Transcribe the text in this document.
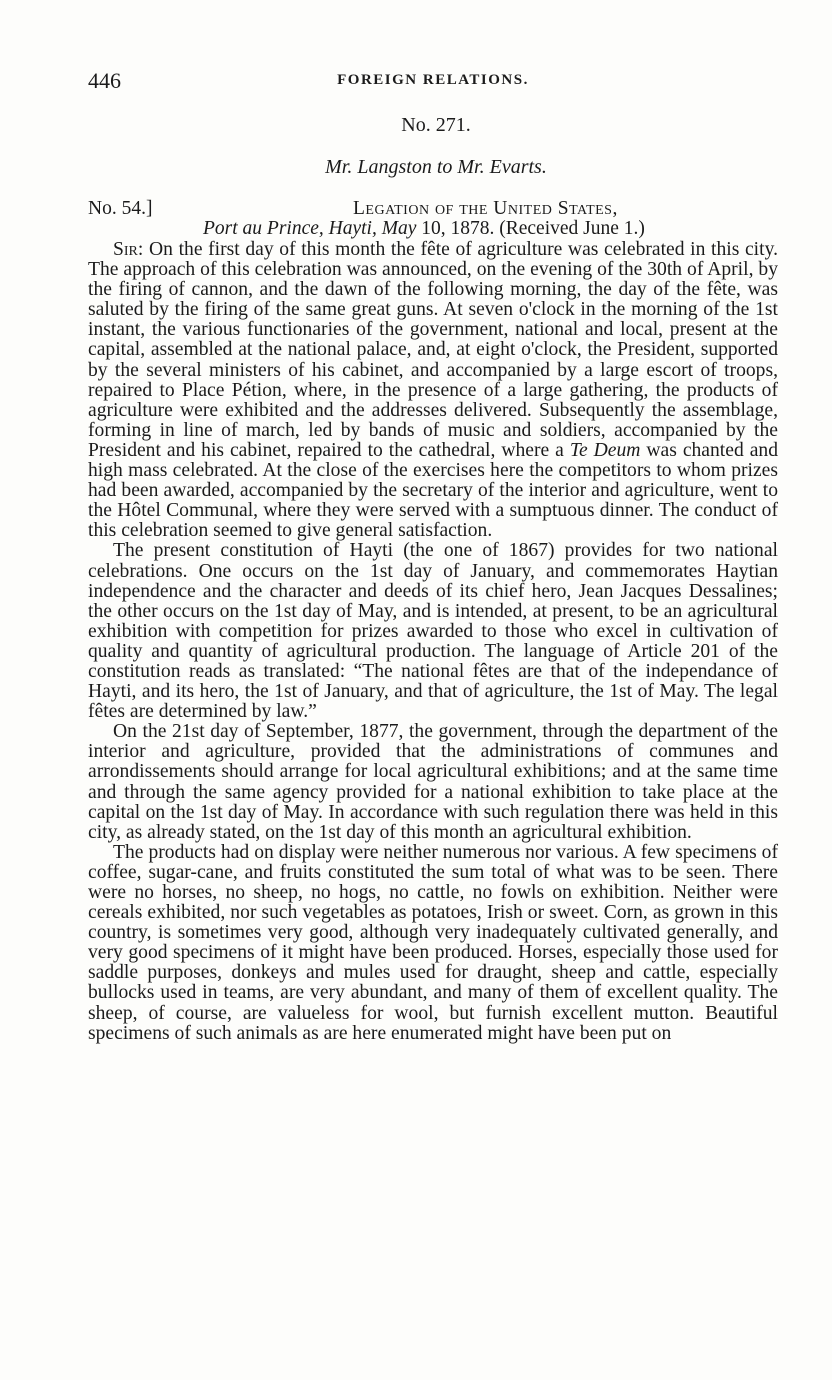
446	FOREIGN RELATIONS.
No. 271.
Mr. Langston to Mr. Evarts.
No. 54.]	Legation of the United States,
Port au Prince, Hayti, May 10, 1878. (Received June 1.)

Sir: On the first day of this month the fête of agriculture was celebrated in this city. The approach of this celebration was announced, on the evening of the 30th of April, by the firing of cannon, and the dawn of the following morning, the day of the fête, was saluted by the firing of the same great guns. At seven o'clock in the morning of the 1st instant, the various functionaries of the government, national and local, present at the capital, assembled at the national palace, and, at eight o'clock, the President, supported by the several ministers of his cabinet, and accompanied by a large escort of troops, repaired to Place Pétion, where, in the presence of a large gathering, the products of agriculture were exhibited and the addresses delivered. Subsequently the assemblage, forming in line of march, led by bands of music and soldiers, accompanied by the President and his cabinet, repaired to the cathedral, where a Te Deum was chanted and high mass celebrated. At the close of the exercises here the competitors to whom prizes had been awarded, accompanied by the secretary of the interior and agriculture, went to the Hôtel Communal, where they were served with a sumptuous dinner. The conduct of this celebration seemed to give general satisfaction.

The present constitution of Hayti (the one of 1867) provides for two national celebrations. One occurs on the 1st day of January, and commemorates Haytian independence and the character and deeds of its chief hero, Jean Jacques Dessalines; the other occurs on the 1st day of May, and is intended, at present, to be an agricultural exhibition with competition for prizes awarded to those who excel in cultivation of quality and quantity of agricultural production. The language of Article 201 of the constitution reads as translated: “The national fêtes are that of the independance of Hayti, and its hero, the 1st of January, and that of agriculture, the 1st of May. The legal fêtes are determined by law.”

On the 21st day of September, 1877, the government, through the department of the interior and agriculture, provided that the administrations of communes and arrondissements should arrange for local agricultural exhibitions; and at the same time and through the same agency provided for a national exhibition to take place at the capital on the 1st day of May. In accordance with such regulation there was held in this city, as already stated, on the 1st day of this month an agricultural exhibition.

The products had on display were neither numerous nor various. A few specimens of coffee, sugar-cane, and fruits constituted the sum total of what was to be seen. There were no horses, no sheep, no hogs, no cattle, no fowls on exhibition. Neither were cereals exhibited, nor such vegetables as potatoes, Irish or sweet. Corn, as grown in this country, is sometimes very good, although very inadequately cultivated generally, and very good specimens of it might have been produced. Horses, especially those used for saddle purposes, donkeys and mules used for draught, sheep and cattle, especially bullocks used in teams, are very abundant, and many of them of excellent quality. The sheep, of course, are valueless for wool, but furnish excellent mutton. Beautiful specimens of such animals as are here enumerated might have been put on
